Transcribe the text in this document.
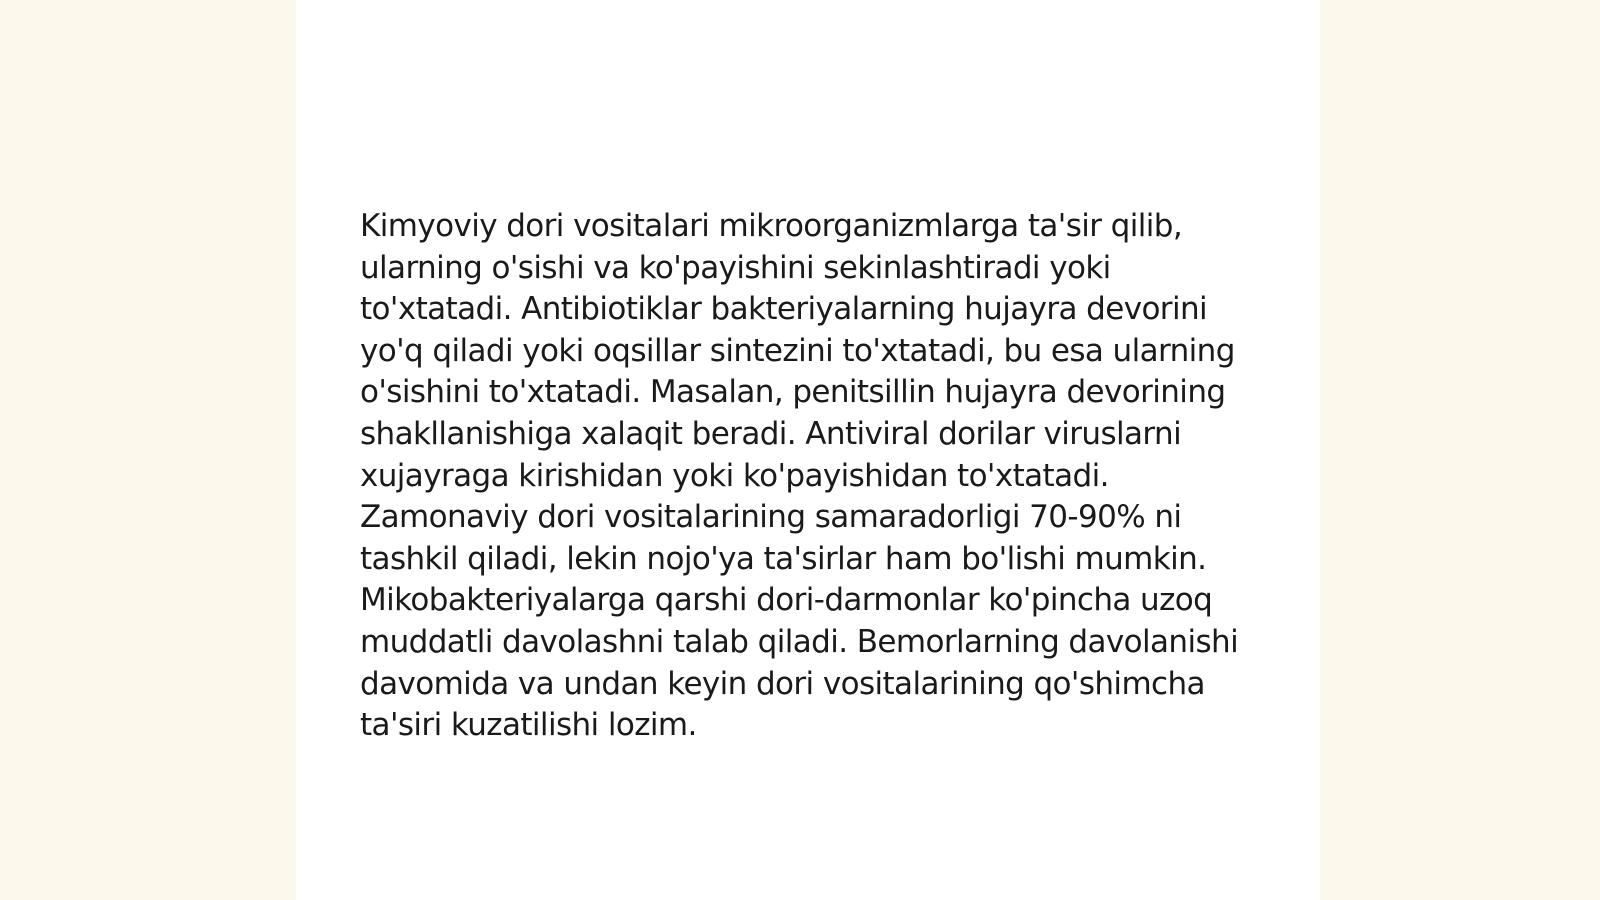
Kimyoviy dori vositalari mikroorganizmlarga ta'sir qilib, ularning o'sishi va ko'payishini sekinlashtiradi yoki to'xtatadi. Antibiotiklar bakteriyalarning hujayra devorini yo'q qiladi yoki oqsillar sintezini to'xtatadi, bu esa ularning o'sishini to'xtatadi. Masalan, penitsillin hujayra devorining shakllanishiga xalaqit beradi. Antiviral dorilar viruslarni xujayraga kirishidan yoki ko'payishidan to'xtatadi. Zamonaviy dori vositalarining samaradorligi 70-90% ni tashkil qiladi, lekin nojo'ya ta'sirlar ham bo'lishi mumkin. Mikobakteriyalarga qarshi dori-darmonlar ko'pincha uzoq muddatli davolashni talab qiladi. Bemorlarning davolanishi davomida va undan keyin dori vositalarining qo'shimcha ta'siri kuzatilishi lozim.
